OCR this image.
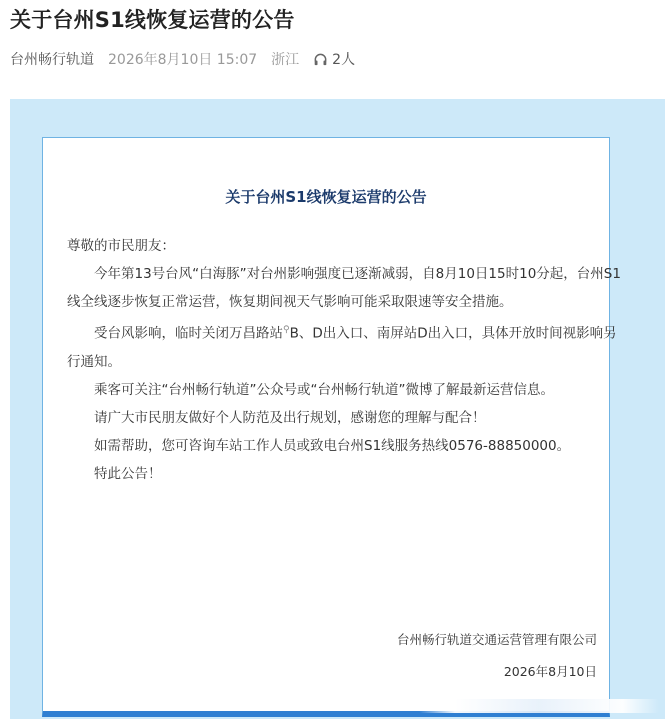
关于台州S1线恢复运营的公告
台州畅行轨道 2026年8月10日 15:07 浙江 2人
关于台州S1线恢复运营的公告
尊敬的市民朋友：

今年第13号台风“白海豚”对台州影响强度已逐渐减弱，自8月10日15时10分起，台州S1线全线逐步恢复正常运营，恢复期间视天气影响可能采取限速等安全措施。

受台风影响，临时关闭万昌路站⚲B、D出入口、南屏站D出入口，具体开放时间视影响另行通知。

乘客可关注“台州畅行轨道”公众号或“台州畅行轨道”微博了解最新运营信息。

请广大市民朋友做好个人防范及出行规划，感谢您的理解与配合！

如需帮助，您可咨询车站工作人员或致电台州S1线服务热线0576-88850000。

特此公告！

台州畅行轨道交通运营管理有限公司
2026年8月10日
